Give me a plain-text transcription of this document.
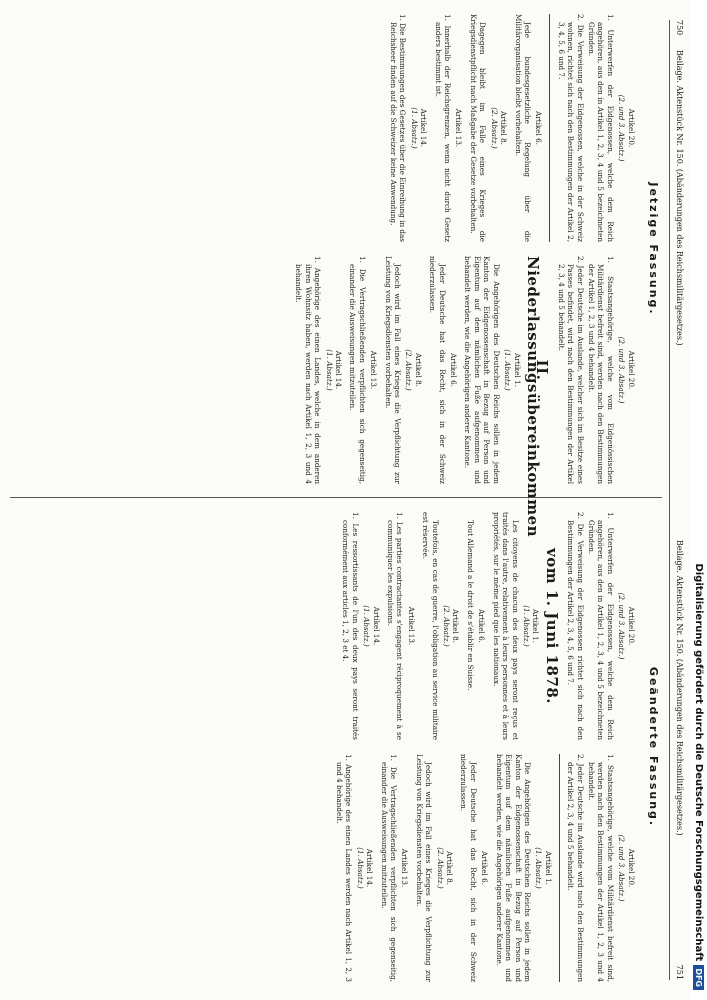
750
Beilage. Aktenstück Nr. 150. (Abänderungen des Reichsmilitärgesetzes.)
Beilage. Aktenstück Nr. 150. (Abänderungen des Reichsmilitärgesetzes.)
751
Jetzige Fassung.
Artikel 20.
(2. und 3. Absatz.)
1. Unterwerfen der Eidgenossen, welche dem Reich angehören, aus den in Artikel 1, 2, 3, 4 und 5 bezeichneten Gründen.
2. Die Verweisung der Eidgenossen, welche in der Schweiz wohnen, richtet sich nach den Bestimmungen der Artikel 2, 3, 4, 5, 6 und 7.
Artikel 6.
Jede bundesgesetzliche Regelung über die Militärorganisation bleibt vorbehalten.
Artikel 8.
(2. Absatz.)
Dagegen bleibt im Falle eines Krieges die Kriegsdienstpflicht nach Maßgabe der Gesetze vorbehalten.
Artikel 13.
1. Innerhalb der Reichsgrenzen, wenn nicht durch Gesetz anders bestimmt ist.
Artikel 14.
(1. Absatz.)
1. Die Bestimmungen des Gesetzes über die Einreihung in das Reichsheer finden auf die Schweizer keine Anwendung.
Artikel 20.
(2. und 3. Absatz.)
1. Staatsangehörige, welche vom Eidgenössischen Militärdienst befreit sind, werden nach den Bestimmungen der Artikel 1, 2, 3 und 4 behandelt.
2. Jeder Deutsche im Auslande, welcher sich im Besitze eines Passes befindet, wird nach den Bestimmungen der Artikel 2, 3, 4 und 5 behandelt.
II. Niederlassungsübereinkommen
Artikel 1.
(1. Absatz.)
Die Angehörigen des Deutschen Reichs sollen in jedem Kanton der Eidgenossenschaft in Bezug auf Person und Eigentum auf dem nämlichen Fuße aufgenommen und behandelt werden, wie die Angehörigen anderer Kantone.
Artikel 6.
Jeder Deutsche hat das Recht, sich in der Schweiz niederzulassen.
Artikel 8.
(2. Absatz.)
Jedoch wird im Fall eines Krieges die Verpflichtung zur Leistung von Kriegsdiensten vorbehalten.
Artikel 13.
1. Die Vertragschließenden verpflichten sich gegenseitig, einander die Ausweisungen mitzuteilen.
Artikel 14.
(1. Absatz.)
1. Angehörige des einen Landes, welche in dem anderen ihren Wohnsitz haben, werden nach Artikel 1, 2, 3 und 4 behandelt.
Geänderte Fassung.
Artikel 20.
(2. und 3. Absatz.)
1. Unterwerfen der Eidgenossen, welche dem Reich angehören, aus den in Artikel 1, 2, 3, 4 und 5 bezeichneten Gründen.
2. Die Verweisung der Eidgenossen richtet sich nach den Bestimmungen der Artikel 2, 3, 4, 5, 6 und 7.
vom 1. Juni 1878.
Artikel 1.
(1. Absatz.)
Les citoyens de chacun des deux pays seront reçus et traités dans l'autre, relativement à leurs personnes et à leurs propriétés, sur le même pied que les nationaux.
Artikel 6.
Tout Allemand a le droit de s'établir en Suisse.
Artikel 8.
(2. Absatz.)
Toutefois, en cas de guerre, l'obligation au service militaire est réservée.
Artikel 13.
1. Les parties contractantes s'engagent réciproquement à se communiquer les expulsions.
Artikel 14.
(1. Absatz.)
1. Les ressortissants de l'un des deux pays seront traités conformément aux articles 1, 2, 3 et 4.
Artikel 20.
(2. und 3. Absatz.)
1. Staatsangehörige, welche vom Militärdienst befreit sind, werden nach den Bestimmungen der Artikel 1, 2, 3 und 4 behandelt.
2. Jeder Deutsche im Auslande wird nach den Bestimmungen der Artikel 2, 3, 4 und 5 behandelt.
Artikel 1.
(1. Absatz.)
Die Angehörigen des Deutschen Reichs sollen in jedem Kanton der Eidgenossenschaft in Bezug auf Person und Eigentum auf dem nämlichen Fuße aufgenommen und behandelt werden, wie die Angehörigen anderer Kantone.
Artikel 6.
Jeder Deutsche hat das Recht, sich in der Schweiz niederzulassen.
Artikel 8.
(2. Absatz.)
Jedoch wird im Fall eines Krieges die Verpflichtung zur Leistung von Kriegsdiensten vorbehalten.
Artikel 13.
1. Die Vertragschließenden verpflichten sich gegenseitig, einander die Ausweisungen mitzuteilen.
Artikel 14.
(1. Absatz.)
1. Angehörige des einen Landes werden nach Artikel 1, 2, 3 und 4 behandelt.	Digitalisierung gefördert durch die Deutsche Forschungsgemeinschaft
DFG
